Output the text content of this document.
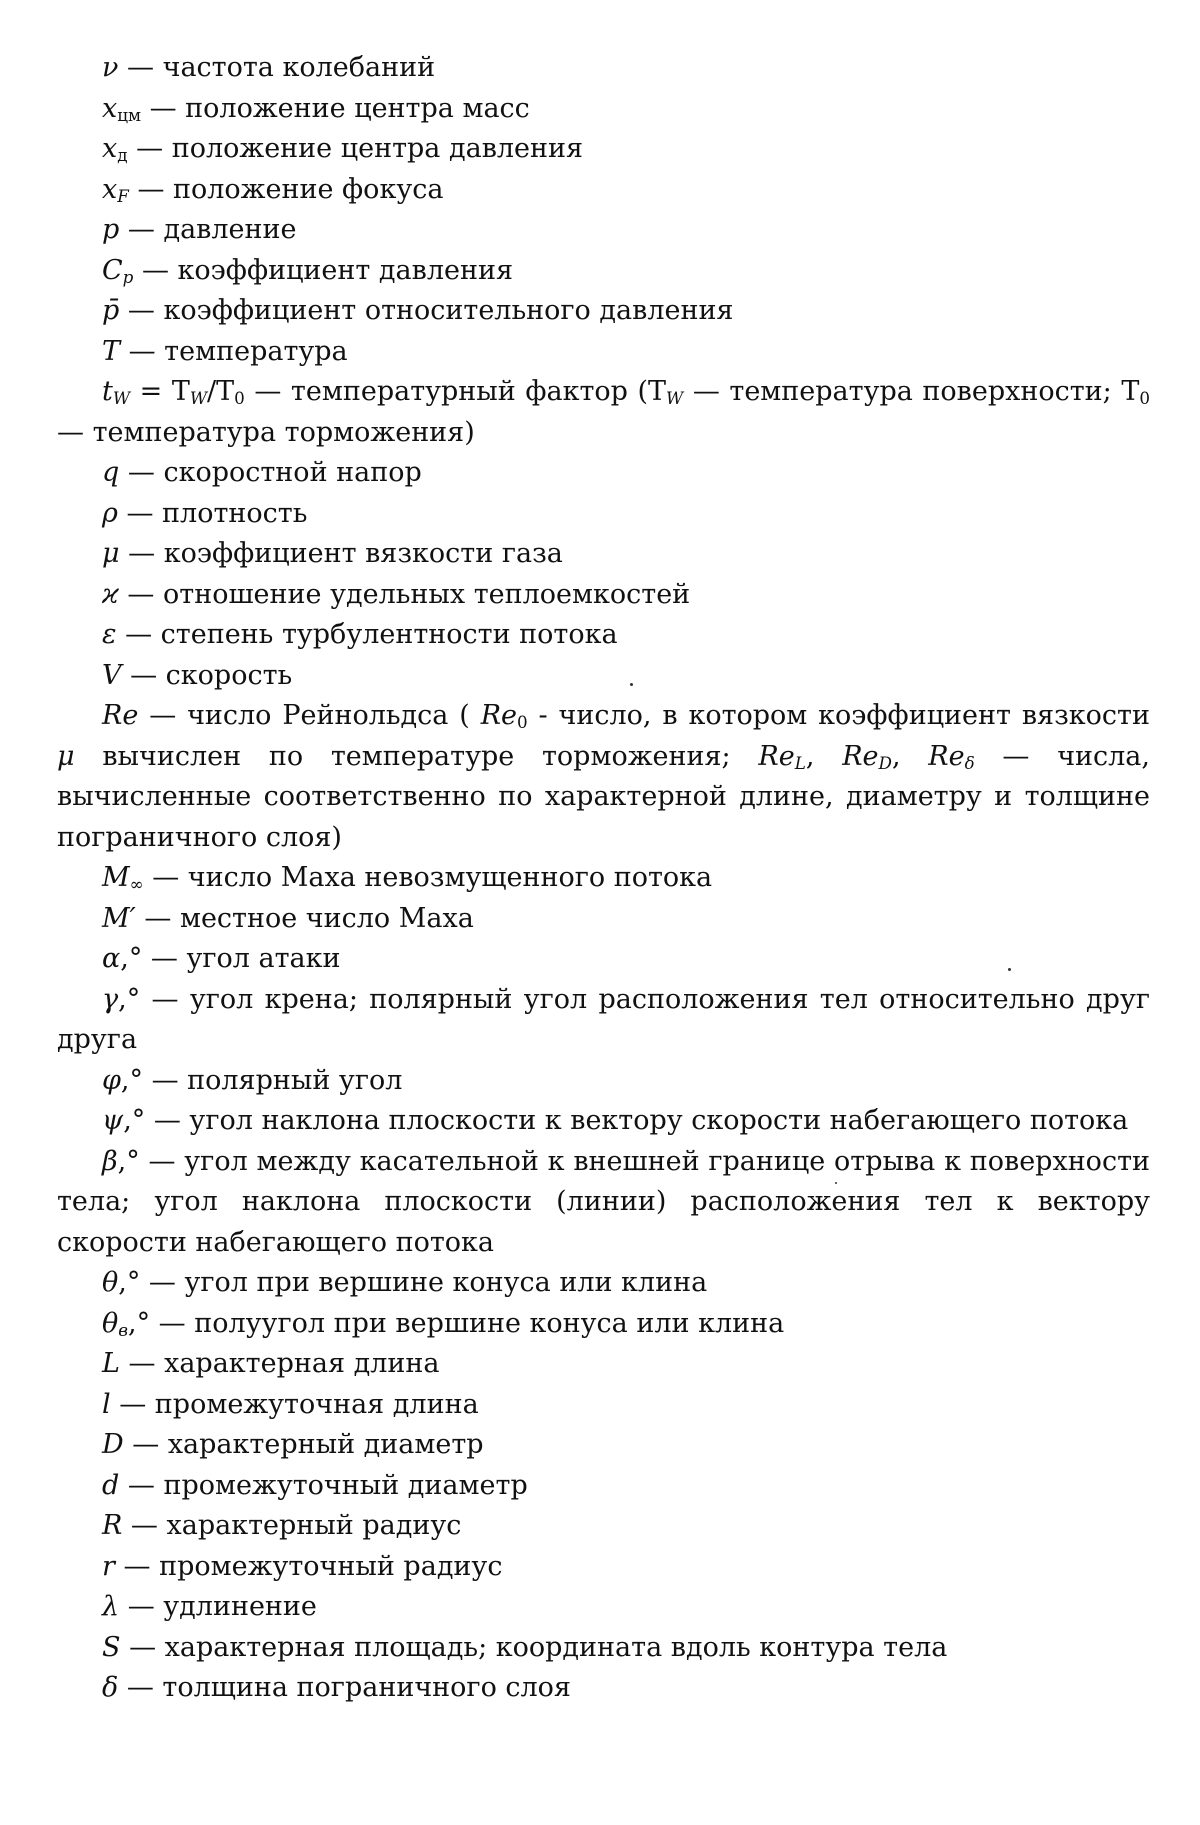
ν — частота колебаний

xцм — положение центра масс

xд — положение центра давления

$x_F$ — положение фокуса

p — давление

$C_p$ — коэффициент давления

p̄ — коэффициент относительного давления

T — температура

$t_W = T_W/T0$ — температурный фактор ($T_W$ — температура поверхности; T0 — температура торможения)

q — скоростной напор

ρ — плотность

μ — коэффициент вязкости газа

ϰ — отношение удельных теплоемкостей

ε — степень турбулентности потока

V — скорость

Re — число Рейнольдса ( Re0 - число, в котором коэффициент вязкости μ вычислен по температуре торможения; $Re_L$, $Re_D$, $Re_\delta$ — числа, вычисленные соответственно по характерной длине, диаметру и толщине пограничного слоя)

M∞ — число Маха невозмущенного потока

M′ — местное число Маха

α,° — угол атаки

γ,° — угол крена; полярный угол расположения тел относительно друг друга

φ,° — полярный угол

ψ,° — угол наклона плоскости к вектору скорости набегающего потока

β,° — угол между касательной к внешней границе отрыва к поверхности тела; угол наклона плоскости (линии) расположения тел к вектору скорости набегающего потока

θ,° — угол при вершине конуса или клина

$\theta_в,^\circ$ — полуугол при вершине конуса или клина

L — характерная длина

l — промежуточная длина

D — характерный диаметр

d — промежуточный диаметр

R — характерный радиус

r — промежуточный радиус

λ — удлинение

S — характерная площадь; координата вдоль контура тела

δ — толщина пограничного слоя
